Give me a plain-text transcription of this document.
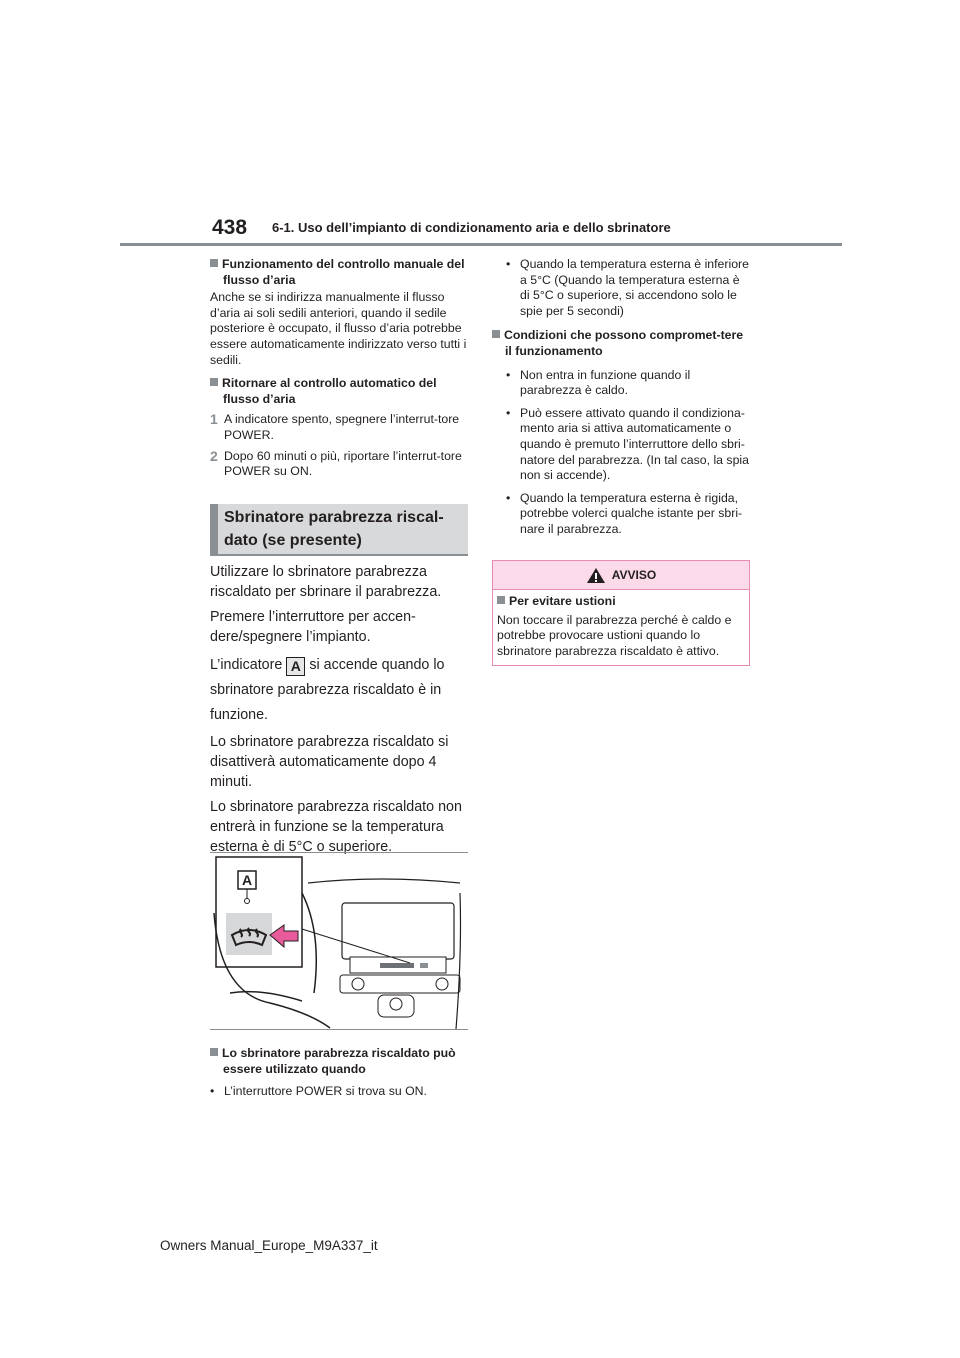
438 6-1. Uso dell’impianto di condizionamento aria e dello sbrinatore
Funzionamento del controllo manuale del flusso d’aria
Anche se si indirizza manualmente il flusso d’aria ai soli sedili anteriori, quando il sedile posteriore è occupato, il flusso d’aria potrebbe essere automaticamente indirizzato verso tutti i sedili.
Ritornare al controllo automatico del flusso d’aria
1 A indicatore spento, spegnere l’interrut-tore POWER.
2 Dopo 60 minuti o più, riportare l’interrut-tore POWER su ON.
Sbrinatore parabrezza riscal-dato (se presente)
Utilizzare lo sbrinatore parabrezza riscaldato per sbrinare il parabrezza.
Premere l’interruttore per accen-dere/spegnere l’impianto.
L’indicatore A si accende quando lo sbrinatore parabrezza riscaldato è in funzione.
Lo sbrinatore parabrezza riscaldato si disattiverà automaticamente dopo 4 minuti.
Lo sbrinatore parabrezza riscaldato non entrerà in funzione se la temperatura esterna è di 5°C o superiore.
A
Lo sbrinatore parabrezza riscaldato può essere utilizzato quando
• L’interruttore POWER si trova su ON.
• Quando la temperatura esterna è inferiore a 5°C (Quando la temperatura esterna è di 5°C o superiore, si accendono solo le spie per 5 secondi)
Condizioni che possono compromet-tere il funzionamento
• Non entra in funzione quando il parabrezza è caldo.
• Può essere attivato quando il condiziona-mento aria si attiva automaticamente o quando è premuto l’interruttore dello sbri-natore del parabrezza. (In tal caso, la spia non si accende).
• Quando la temperatura esterna è rigida, potrebbe volerci qualche istante per sbri-nare il parabrezza.
AVVISO
Per evitare ustioni
Non toccare il parabrezza perché è caldo e potrebbe provocare ustioni quando lo sbrinatore parabrezza riscaldato è attivo.
Owners Manual_Europe_M9A337_it
